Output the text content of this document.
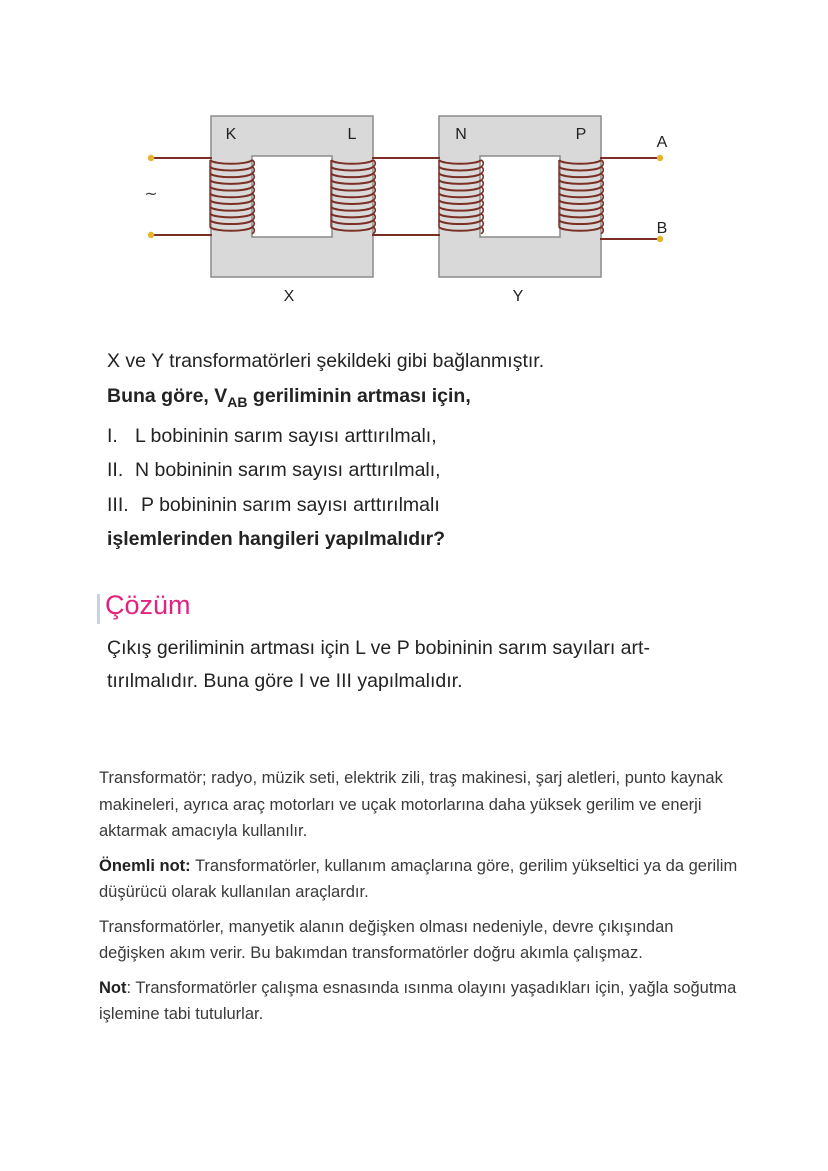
K	L	N	P	A
B
X	Y
~
X ve Y transformatörleri şekildeki gibi bağlanmıştır.
Buna göre, $V_{AB}$ geriliminin artması için,
I. L bobininin sarım sayısı arttırılmalı,
II. N bobininin sarım sayısı arttırılmalı,
III. P bobininin sarım sayısı arttırılmalı
işlemlerinden hangileri yapılmalıdır?
Çözüm
Çıkış geriliminin artması için L ve P bobininin sarım sayıları art-
tırılmalıdır. Buna göre I ve III yapılmalıdır.

Transformatör; radyo, müzik seti, elektrik zili, traş makinesi, şarj aletleri, punto kaynak makineleri, ayrıca araç motorları ve uçak motorlarına daha yüksek gerilim ve enerji aktarmak amacıyla kullanılır.

Önemli not: Transformatörler, kullanım amaçlarına göre, gerilim yükseltici ya da gerilim düşürücü olarak kullanılan araçlardır.

Transformatörler, manyetik alanın değişken olması nedeniyle, devre çıkışından değişken akım verir. Bu bakımdan transformatörler doğru akımla çalışmaz.

Not: Transformatörler çalışma esnasında ısınma olayını yaşadıkları için, yağla soğutma işlemine tabi tutulurlar.
